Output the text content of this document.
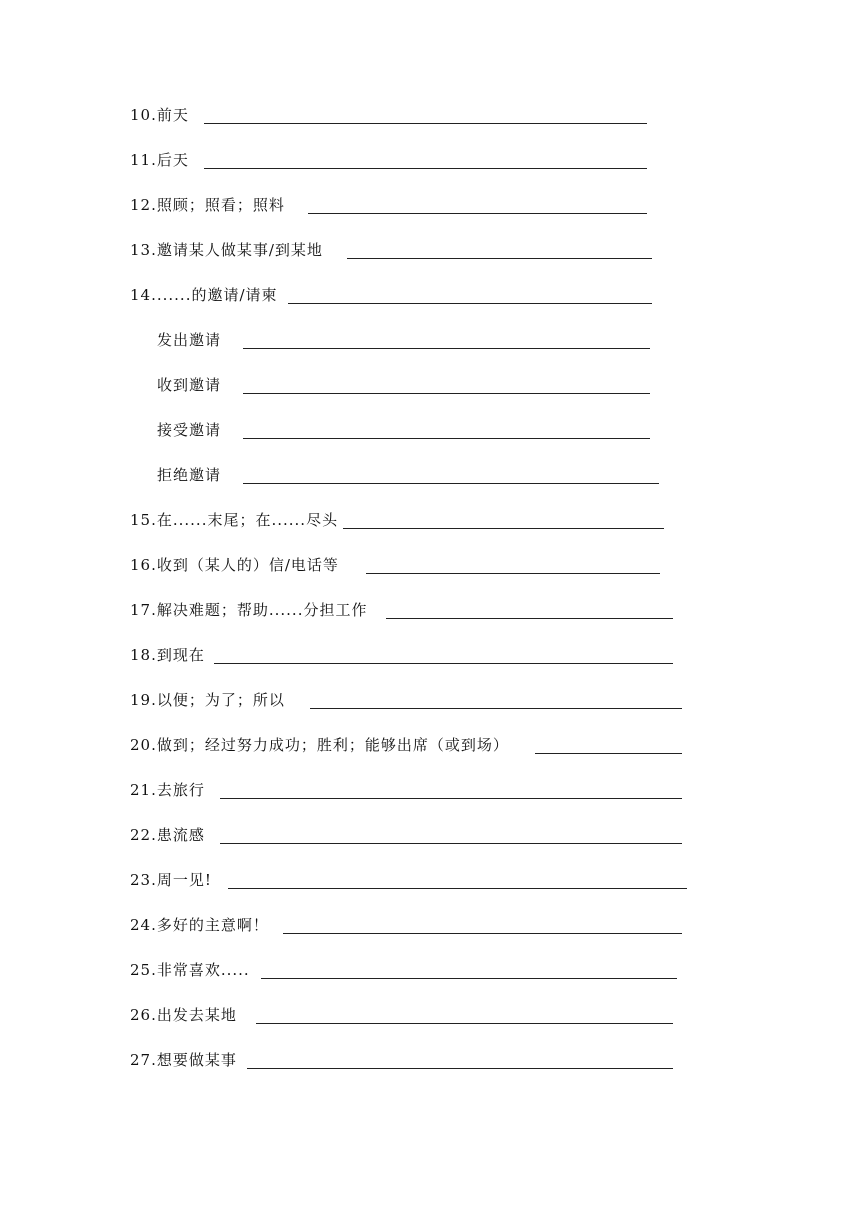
10.前天
11.后天
12.照顾；照看；照料
13.邀请某人做某事/到某地
14.......的邀请/请柬
发出邀请
收到邀请
接受邀请
拒绝邀请
15.在......末尾；在......尽头
16.收到（某人的）信/电话等
17.解决难题；帮助......分担工作
18.到现在
19.以便；为了；所以
20.做到；经过努力成功；胜利；能够出席（或到场）
21.去旅行
22.患流感
23.周一见!
24.多好的主意啊！
25.非常喜欢.....
26.出发去某地
27.想要做某事
